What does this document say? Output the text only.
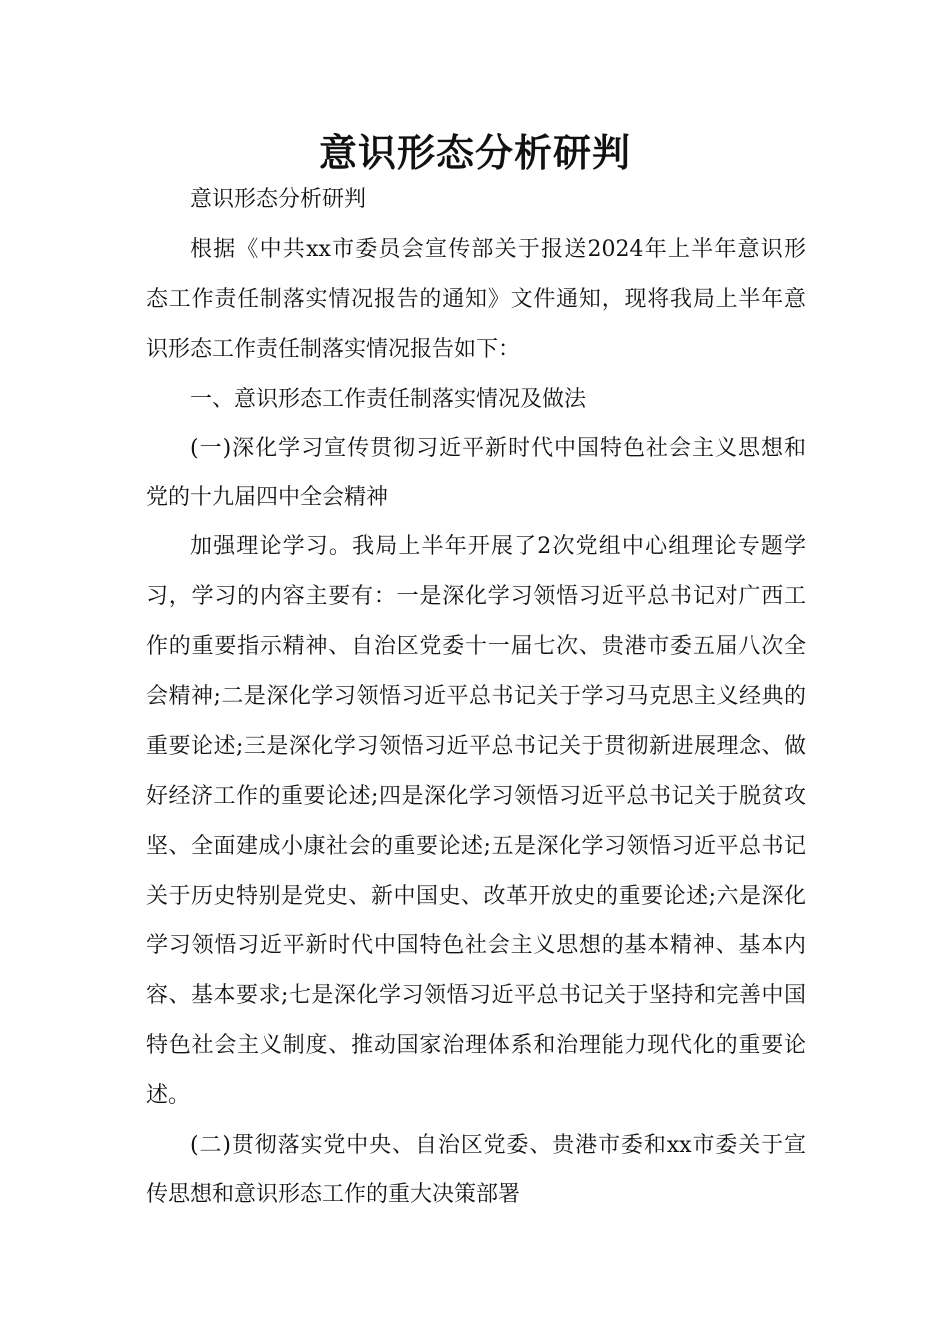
意识形态分析研判
意识形态分析研判
根据《中共xx市委员会宣传部关于报送2024年上半年意识形
态工作责任制落实情况报告的通知》文件通知，现将我局上半年意
识形态工作责任制落实情况报告如下：
一、意识形态工作责任制落实情况及做法
(一)深化学习宣传贯彻习近平新时代中国特色社会主义思想和
党的十九届四中全会精神
加强理论学习。我局上半年开展了2次党组中心组理论专题学
习，学习的内容主要有：一是深化学习领悟习近平总书记对广西工
作的重要指示精神、自治区党委十一届七次、贵港市委五届八次全
会精神;二是深化学习领悟习近平总书记关于学习马克思主义经典的
重要论述;三是深化学习领悟习近平总书记关于贯彻新进展理念、做
好经济工作的重要论述;四是深化学习领悟习近平总书记关于脱贫攻
坚、全面建成小康社会的重要论述;五是深化学习领悟习近平总书记
关于历史特别是党史、新中国史、改革开放史的重要论述;六是深化
学习领悟习近平新时代中国特色社会主义思想的基本精神、基本内
容、基本要求;七是深化学习领悟习近平总书记关于坚持和完善中国
特色社会主义制度、推动国家治理体系和治理能力现代化的重要论
述。
(二)贯彻落实党中央、自治区党委、贵港市委和xx市委关于宣
传思想和意识形态工作的重大决策部署
